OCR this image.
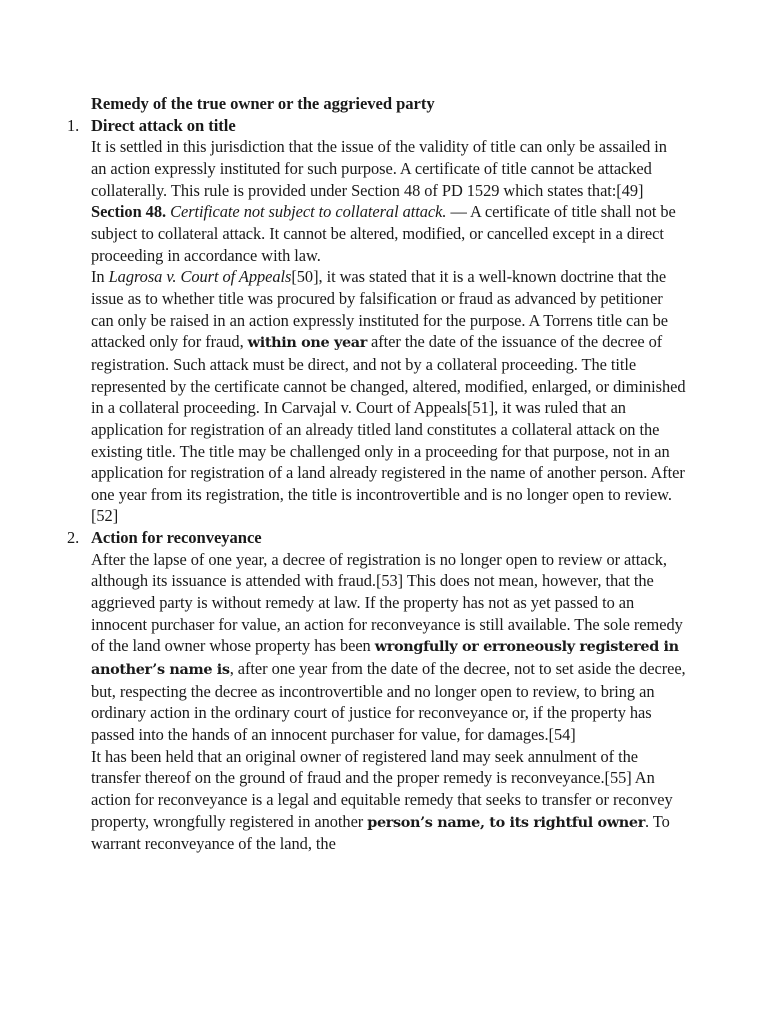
Remedy of the true owner or the aggrieved party

1. Direct attack on title

It is settled in this jurisdiction that the issue of the validity of title can only be assailed in an action expressly instituted for such purpose. A certificate of title cannot be attacked collaterally. This rule is provided under Section 48 of PD 1529 which states that:[49]

Section 48. Certificate not subject to collateral attack. — A certificate of title shall not be subject to collateral attack. It cannot be altered, modified, or cancelled except in a direct proceeding in accordance with law.

In Lagrosa v. Court of Appeals[50], it was stated that it is a well-known doctrine that the issue as to whether title was procured by falsification or fraud as advanced by petitioner can only be raised in an action expressly instituted for the purpose. A Torrens title can be attacked only for fraud, within one year after the date of the issuance of the decree of registration. Such attack must be direct, and not by a collateral proceeding. The title represented by the certificate cannot be changed, altered, modified, enlarged, or diminished in a collateral proceeding. In Carvajal v. Court of Appeals[51], it was ruled that an application for registration of an already titled land constitutes a collateral attack on the existing title. The title may be challenged only in a proceeding for that purpose, not in an application for registration of a land already registered in the name of another person. After one year from its registration, the title is incontrovertible and is no longer open to review.[52]

2. Action for reconveyance

After the lapse of one year, a decree of registration is no longer open to review or attack, although its issuance is attended with fraud.[53] This does not mean, however, that the aggrieved party is without remedy at law. If the property has not as yet passed to an innocent purchaser for value, an action for reconveyance is still available. The sole remedy of the land owner whose property has been wrongfully or erroneously registered in another’s name is, after one year from the date of the decree, not to set aside the decree, but, respecting the decree as incontrovertible and no longer open to review, to bring an ordinary action in the ordinary court of justice for reconveyance or, if the property has passed into the hands of an innocent purchaser for value, for damages.[54]

It has been held that an original owner of registered land may seek annulment of the transfer thereof on the ground of fraud and the proper remedy is reconveyance.[55] An action for reconveyance is a legal and equitable remedy that seeks to transfer or reconvey property, wrongfully registered in another person’s name, to its rightful owner. To warrant reconveyance of the land, the
